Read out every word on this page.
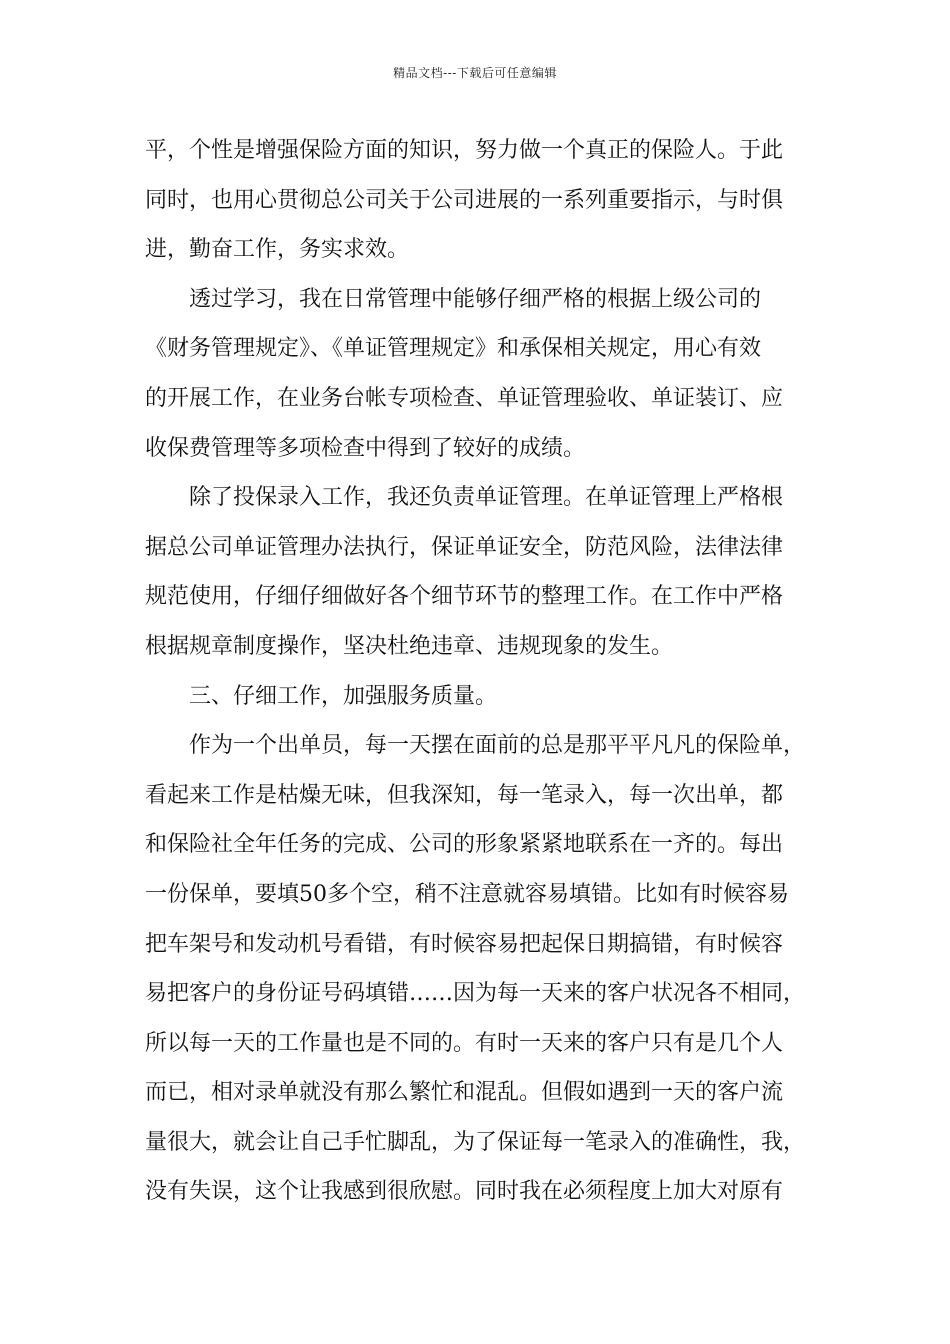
精品文档---下载后可任意编辑
平，个性是增强保险方面的知识，努力做一个真正的保险人。于此
同时，也用心贯彻总公司关于公司进展的一系列重要指示，与时俱
进，勤奋工作，务实求效。
透过学习，我在日常管理中能够仔细严格的根据上级公司的
《财务管理规定》、《单证管理规定》和承保相关规定，用心有效
的开展工作，在业务台帐专项检查、单证管理验收、单证装订、应
收保费管理等多项检查中得到了较好的成绩。
除了投保录入工作，我还负责单证管理。在单证管理上严格根
据总公司单证管理办法执行，保证单证安全，防范风险，法律法律
规范使用，仔细仔细做好各个细节环节的整理工作。在工作中严格
根据规章制度操作，坚决杜绝违章、违规现象的发生。
三、仔细工作，加强服务质量。
作为一个出单员，每一天摆在面前的总是那平平凡凡的保险单，
看起来工作是枯燥无味，但我深知，每一笔录入，每一次出单，都
和保险社全年任务的完成、公司的形象紧紧地联系在一齐的。每出
一份保单，要填50多个空，稍不注意就容易填错。比如有时候容易
把车架号和发动机号看错，有时候容易把起保日期搞错，有时候容
易把客户的身份证号码填错……因为每一天来的客户状况各不相同，
所以每一天的工作量也是不同的。有时一天来的客户只有是几个人
而已，相对录单就没有那么繁忙和混乱。但假如遇到一天的客户流
量很大，就会让自己手忙脚乱，为了保证每一笔录入的准确性，我，
没有失误，这个让我感到很欣慰。同时我在必须程度上加大对原有
